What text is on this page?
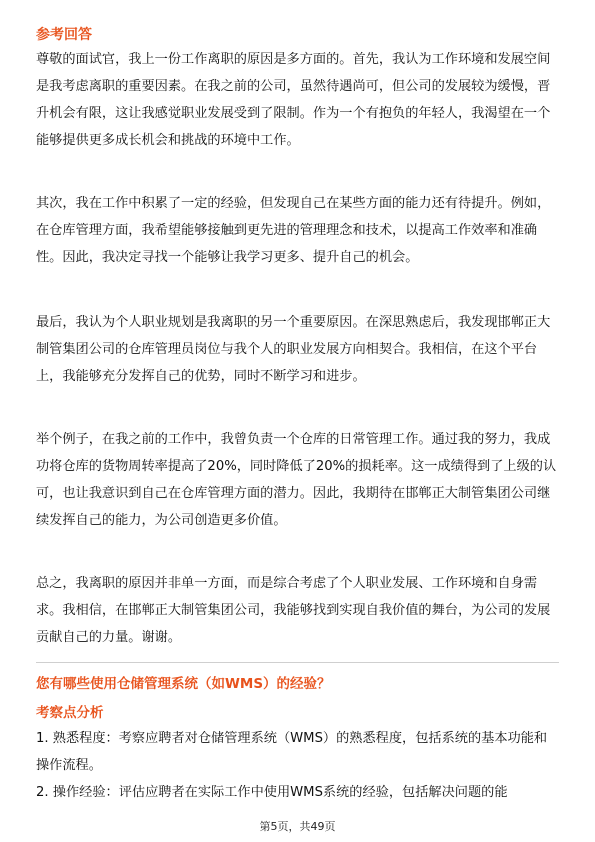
参考回答
尊敬的面试官，我上一份工作离职的原因是多方面的。首先，我认为工作环境和发展空间是我考虑离职的重要因素。在我之前的公司，虽然待遇尚可，但公司的发展较为缓慢，晋升机会有限，这让我感觉职业发展受到了限制。作为一个有抱负的年轻人，我渴望在一个能够提供更多成长机会和挑战的环境中工作。
其次，我在工作中积累了一定的经验，但发现自己在某些方面的能力还有待提升。例如，在仓库管理方面，我希望能够接触到更先进的管理理念和技术，以提高工作效率和准确性。因此，我决定寻找一个能够让我学习更多、提升自己的机会。
最后，我认为个人职业规划是我离职的另一个重要原因。在深思熟虑后，我发现邯郸正大制管集团公司的仓库管理员岗位与我个人的职业发展方向相契合。我相信，在这个平台上，我能够充分发挥自己的优势，同时不断学习和进步。
举个例子，在我之前的工作中，我曾负责一个仓库的日常管理工作。通过我的努力，我成功将仓库的货物周转率提高了20%，同时降低了20%的损耗率。这一成绩得到了上级的认可，也让我意识到自己在仓库管理方面的潜力。因此，我期待在邯郸正大制管集团公司继续发挥自己的能力，为公司创造更多价值。
总之，我离职的原因并非单一方面，而是综合考虑了个人职业发展、工作环境和自身需求。我相信，在邯郸正大制管集团公司，我能够找到实现自我价值的舞台，为公司的发展贡献自己的力量。谢谢。
您有哪些使用仓储管理系统（如WMS）的经验？
考察点分析
1. 熟悉程度：考察应聘者对仓储管理系统（WMS）的熟悉程度，包括系统的基本功能和操作流程。
2. 操作经验：评估应聘者在实际工作中使用WMS系统的经验，包括解决问题的能
第5页，共49页
